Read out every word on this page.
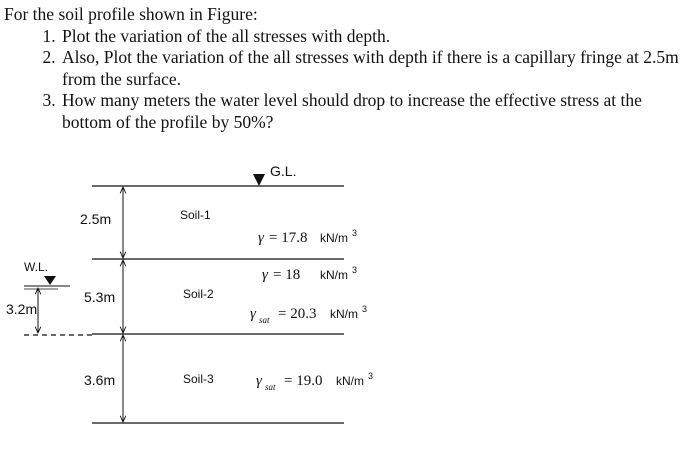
For the soil profile shown in Figure:

1. Plot the variation of the all stresses with depth.
2. Also, Plot the variation of the all stresses with depth if there is a capillary fringe at 2.5m from the surface.
3. How many meters the water level should drop to increase the effective stress at the bottom of the profile by 50%?
G.L.
2.5m
5.3m
3.6m
Soil-1
Soil-2
Soil-3
W.L.
3.2m
γ = 17.8 kN/m 3
γ = 18 kN/m 3
γ sat = 20.3 kN/m 3
γ sat = 19.0 kN/m 3
